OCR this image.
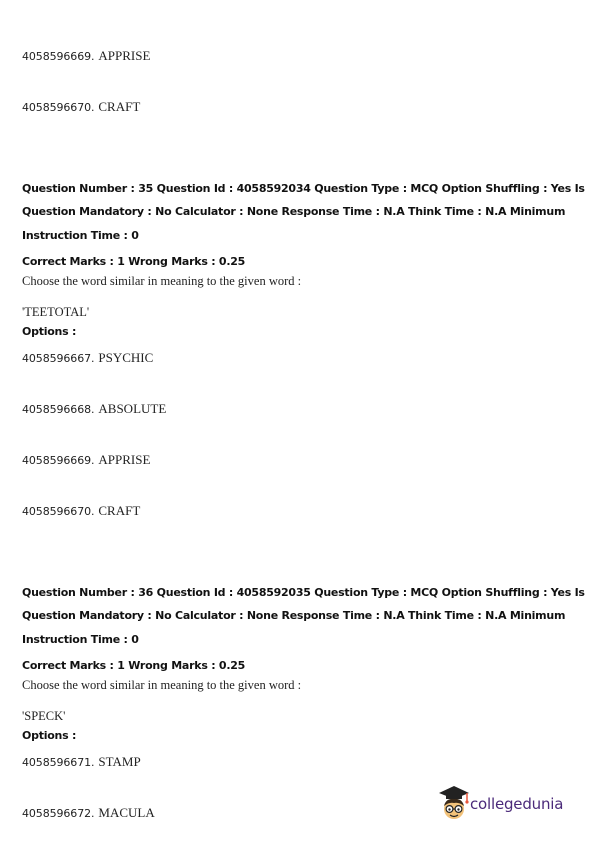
4058596669. APPRISE
4058596670. CRAFT
Question Number : 35 Question Id : 4058592034 Question Type : MCQ Option Shuffling : Yes Is
Question Mandatory : No Calculator : None Response Time : N.A Think Time : N.A Minimum
Instruction Time : 0
Correct Marks : 1 Wrong Marks : 0.25
Choose the word similar in meaning to the given word :
'TEETOTAL'
Options :
4058596667. PSYCHIC
4058596668. ABSOLUTE
4058596669. APPRISE
4058596670. CRAFT
Question Number : 36 Question Id : 4058592035 Question Type : MCQ Option Shuffling : Yes Is
Question Mandatory : No Calculator : None Response Time : N.A Think Time : N.A Minimum
Instruction Time : 0
Correct Marks : 1 Wrong Marks : 0.25
Choose the word similar in meaning to the given word :
'SPECK'
Options :
4058596671. STAMP
4058596672. MACULA	collegedunia
